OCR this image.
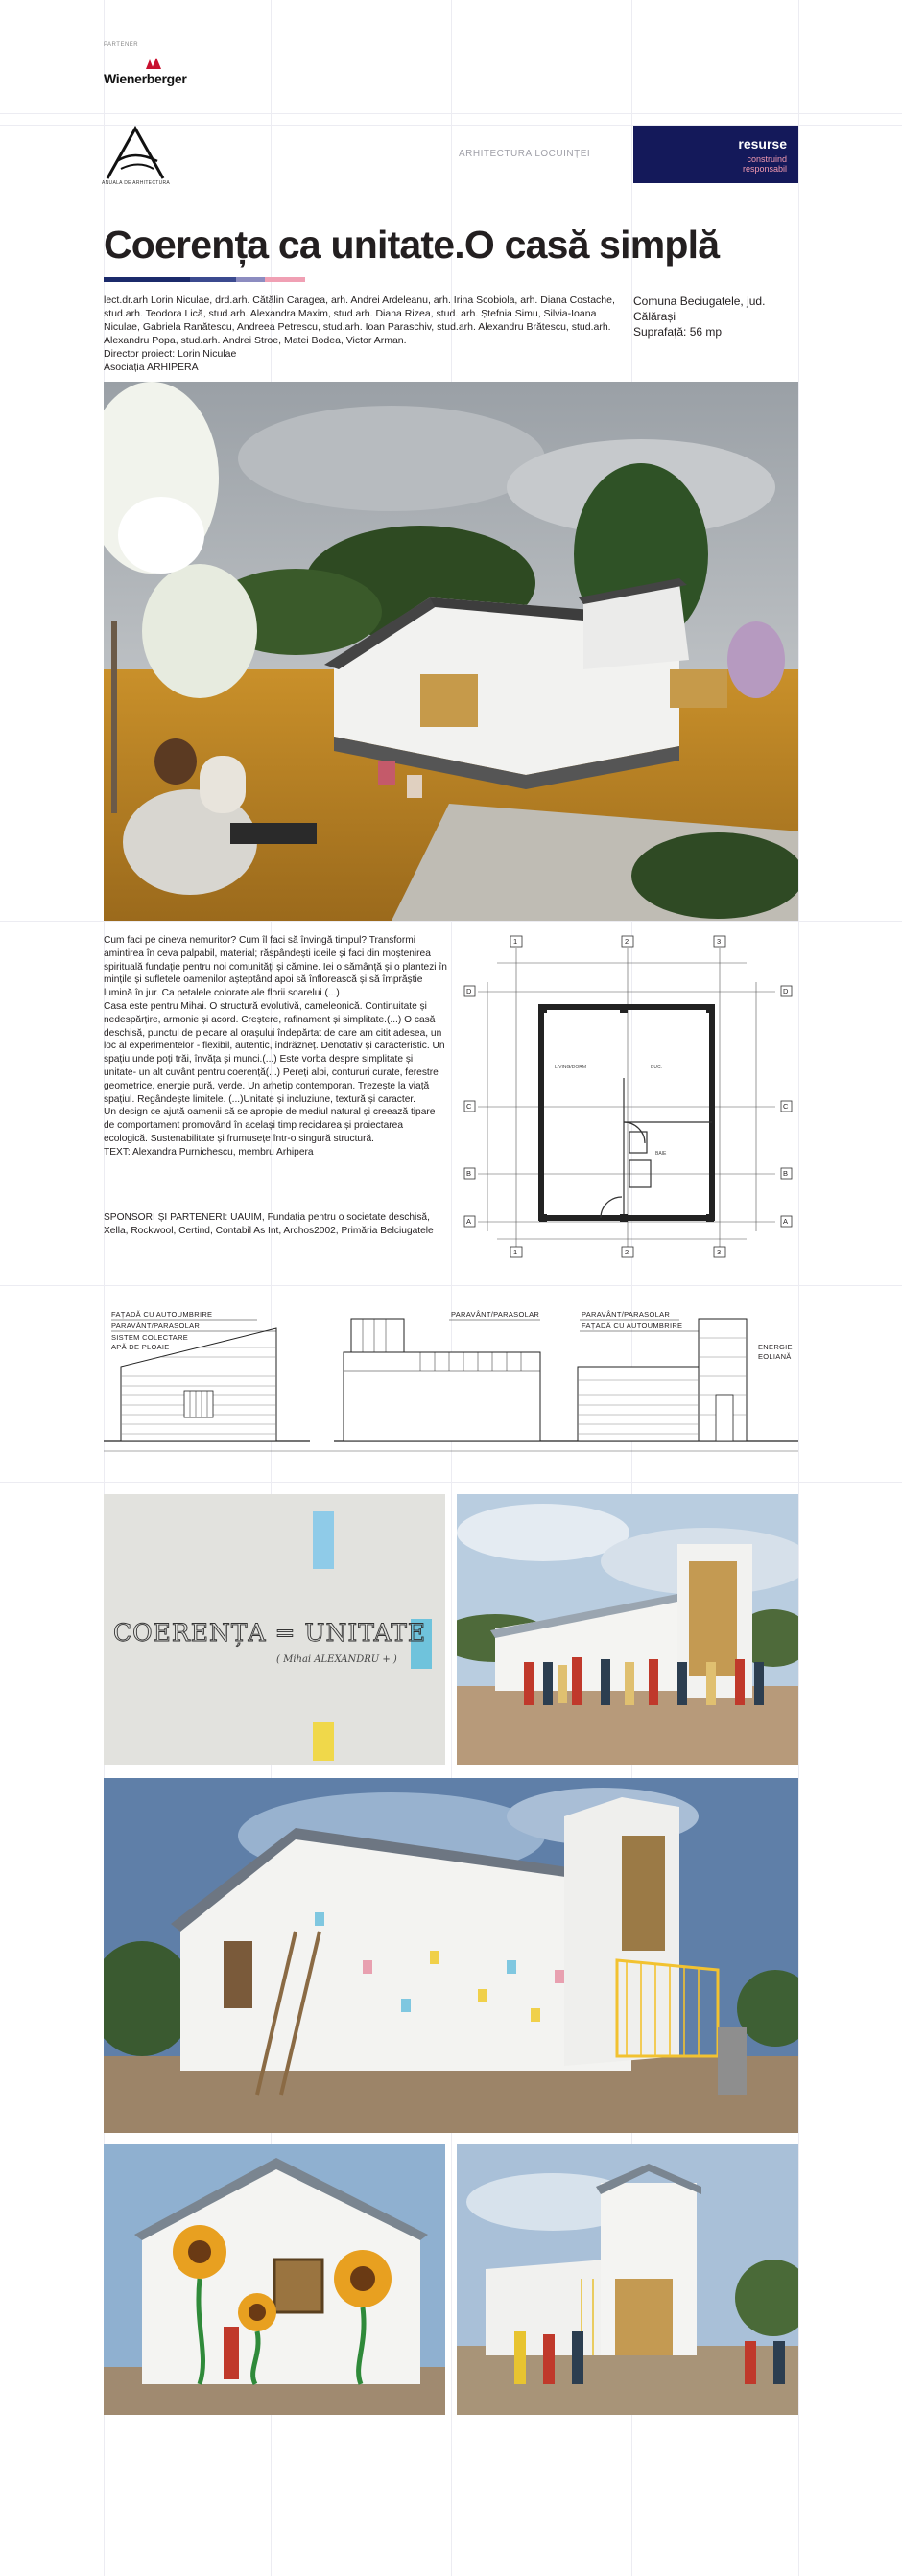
PARTENER
Wienerberger
ANUALA DE ARHITECTURA
ARHITECTURA LOCUINȚEI
resurse
construind
responsabil
Coerența ca unitate.O casă simplă
lect.dr.arh Lorin Niculae, drd.arh. Cătălin Caragea, arh. Andrei Ardeleanu, arh. Irina Scobiola, arh. Diana Costache, stud.arh. Teodora Lică, stud.arh. Alexandra Maxim, stud.arh. Diana Rizea, stud. arh. Ștefnia Simu, Silvia-Ioana Niculae, Gabriela Ranătescu, Andreea Petrescu, stud.arh. Ioan Paraschiv, stud.arh. Alexandru Brătescu, stud.arh. Alexandru Popa, stud.arh. Andrei Stroe, Matei Bodea, Victor Arman.
Director proiect: Lorin Niculae
Asociația ARHIPERA
Comuna Beciugatele, jud.
Călărași
Suprafață: 56 mp

Cum faci pe cineva nemuritor? Cum îl faci să învingă timpul? Transformi amintirea în ceva palpabil, material; răspândești ideile și faci din moștenirea spirituală fundație pentru noi comunități și cămine. Iei o sămânță și o plantezi în mințile și sufletele oamenilor așteptând apoi să înflorească și să împrăștie lumină în jur. Ca petalele colorate ale florii soarelui.(...)

Casa este pentru Mihai. O structură evolutivă, cameleonică. Continuitate și nedespărțire, armonie și acord. Creștere, rafinament și simplitate.(...) O casă deschisă, punctul de plecare al orașului îndepărtat de care am citit adesea, un loc al experimentelor - flexibil, autentic, îndrăzneț. Denotativ și caracteristic. Un spațiu unde poți trăi, învăța și munci.(...) Este vorba despre simplitate și unitate- un alt cuvânt pentru coerență(...) Pereți albi, contururi curate, ferestre geometrice, energie pură, verde. Un arhetip contemporan. Trezește la viață spațiul. Regândește limitele. (...)Unitate și incluziune, textură și caracter.

Un design ce ajută oamenii să se apropie de mediul natural și creează tipare de comportament promovând în același timp reciclarea și proiectarea ecologică. Sustenabilitate și frumusețe într-o singură structură.

TEXT: Alexandra Purnichescu, membru Arhipera

SPONSORI ȘI PARTENERI: UAUIM, Fundația pentru o societate deschisă, Xella, Rockwool, Certind, Contabil As Int, Archos2002, Primăria Belciugatele
1	2	3
1	2	3
D
C
B
A
D
C
B
A
LIVING/DORM	BUC.
BAIE
FAȚADĂ CU AUTOUMBRIRE
PARAVÂNT/PARASOLAR
SISTEM COLECTARE
APĂ DE PLOAIE
PARAVÂNT/PARASOLAR	PARAVÂNT/PARASOLAR
FAȚADĂ CU AUTOUMBRIRE
ENERGIE
EOLIANĂ
COERENȚA = UNITATE
( Mihai ALEXANDRU + )
